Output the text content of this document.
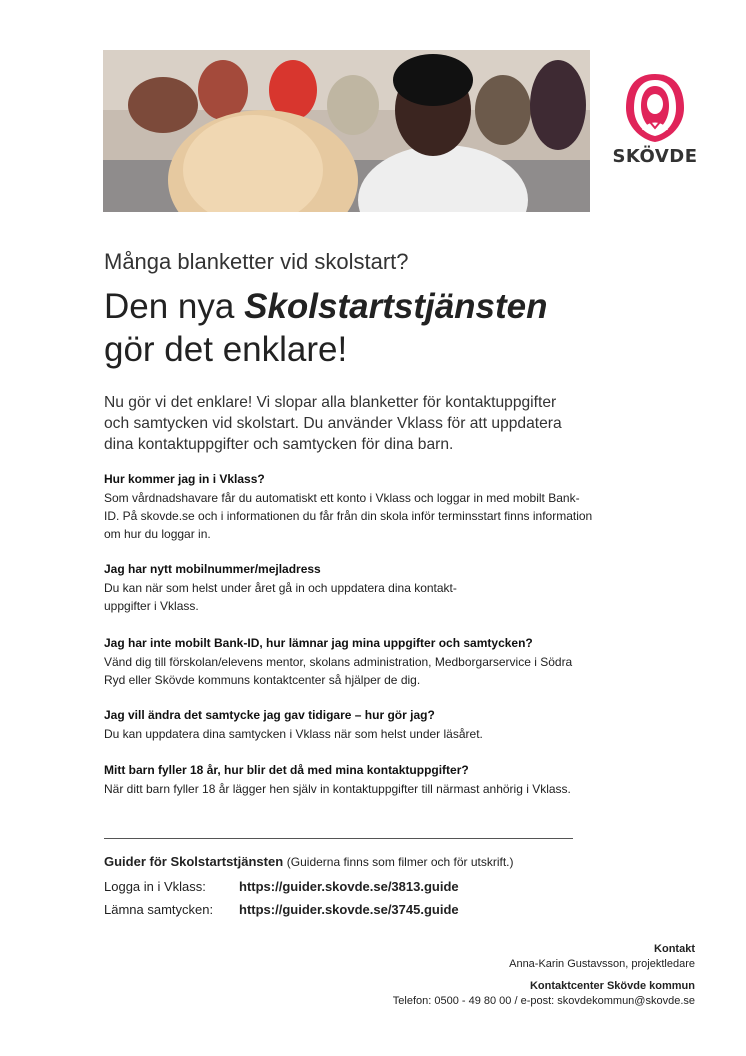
SKÖVDE

Många blanketter vid skolstart?

Den nya Skolstartstjänsten
gör det enklare!

Nu gör vi det enklare! Vi slopar alla blanketter för kontaktuppgifter och samtycken vid skolstart. Du använder Vklass för att uppdatera dina kontaktuppgifter och samtycken för dina barn.

Hur kommer jag in i Vklass?

Som vårdnadshavare får du automatiskt ett konto i Vklass och loggar in med mobilt Bank-ID. På skovde.se och i informationen du får från din skola inför terminsstart finns information om hur du loggar in.

Jag har nytt mobilnummer/mejladress

Du kan när som helst under året gå in och uppdatera dina kontakt-uppgifter i Vklass.

Jag har inte mobilt Bank-ID, hur lämnar jag mina uppgifter och samtycken?

Vänd dig till förskolan/elevens mentor, skolans administration, Medborgarservice i Södra Ryd eller Skövde kommuns kontaktcenter så hjälper de dig.

Jag vill ändra det samtycke jag gav tidigare – hur gör jag?

Du kan uppdatera dina samtycken i Vklass när som helst under läsåret.

Mitt barn fyller 18 år, hur blir det då med mina kontaktuppgifter?

När ditt barn fyller 18 år lägger hen själv in kontaktuppgifter till närmast anhörig i Vklass.

Guider för Skolstartstjänsten (Guiderna finns som filmer och för utskrift.)

Logga in i Vklass:	https://guider.skovde.se/3813.guide
Lämna samtycken:	https://guider.skovde.se/3745.guide

Kontakt

Anna-Karin Gustavsson, projektledare

Kontaktcenter Skövde kommun

Telefon: 0500 - 49 80 00 / e-post: skovdekommun@skovde.se
